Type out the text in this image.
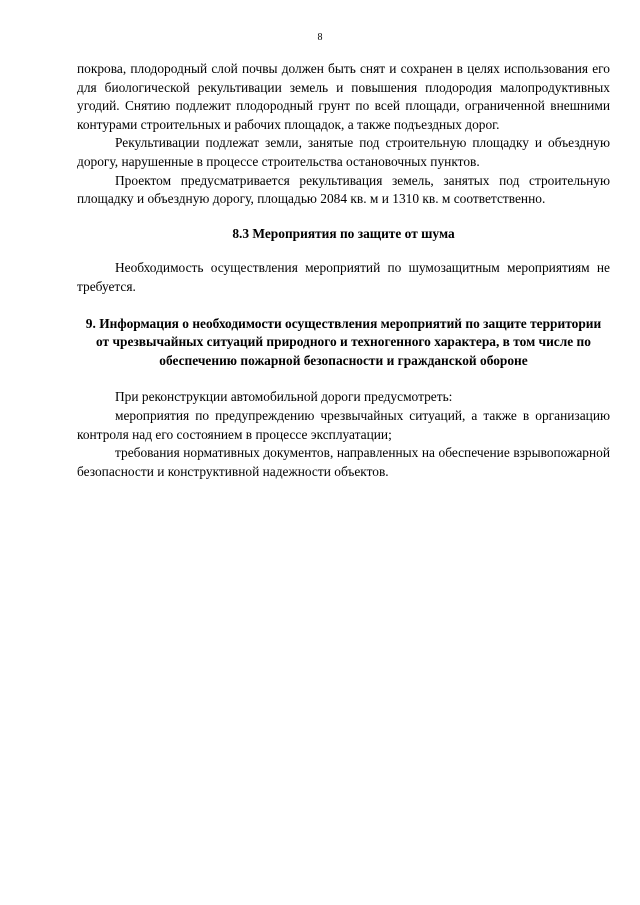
8

покрова, плодородный слой почвы должен быть снят и сохранен в целях использования его для биологической рекультивации земель и повышения плодородия малопродуктивных угодий. Снятию подлежит плодородный грунт по всей площади, ограниченной внешними контурами строительных и рабочих площадок, а также подъездных дорог.

Рекультивации подлежат земли, занятые под строительную площадку и объездную дорогу, нарушенные в процессе строительства остановочных пунктов.

Проектом предусматривается рекультивация земель, занятых под строительную площадку и объездную дорогу, площадью 2084 кв. м и 1310 кв. м соответственно.

8.3 Мероприятия по защите от шума

Необходимость осуществления мероприятий по шумозащитным мероприятиям не требуется.

9. Информация о необходимости осуществления мероприятий по защите территории от чрезвычайных ситуаций природного и техногенного характера, в том числе по обеспечению пожарной безопасности и гражданской обороне

При реконструкции автомобильной дороги предусмотреть:

мероприятия по предупреждению чрезвычайных ситуаций, а также в организацию контроля над его состоянием в процессе эксплуатации;

требования нормативных документов, направленных на обеспечение взрывопожарной безопасности и конструктивной надежности объектов.
